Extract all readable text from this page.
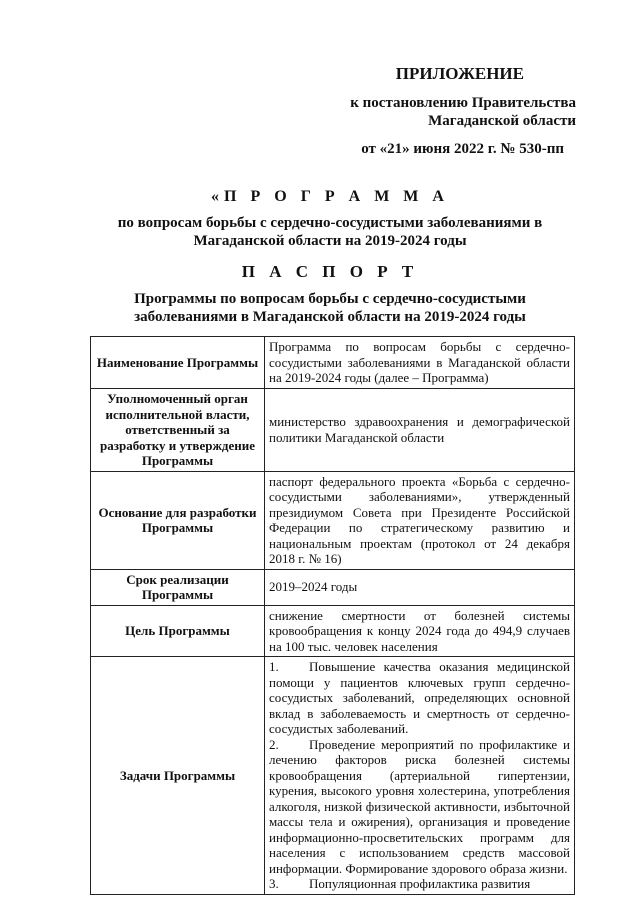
ПРИЛОЖЕНИЕ
к постановлению Правительства
Магаданской области
от «21» июня 2022 г. № 530-пп
«П Р О Г Р А М М А
по вопросам борьбы с сердечно-сосудистыми заболеваниями в
Магаданской области на 2019-2024 годы
П А С П О Р Т
Программы по вопросам борьбы с сердечно-сосудистыми
заболеваниями в Магаданской области на 2019-2024 годы
Наименование Программы	Программа по вопросам борьбы с сердечно-сосудистыми заболеваниями в Магаданской области на 2019-2024 годы (далее – Программа)
Уполномоченный орган исполнительной власти, ответственный за разработку и утверждение Программы	министерство здравоохранения и демографической политики Магаданской области
Основание для разработки Программы	паспорт федерального проекта «Борьба с сердечно-сосудистыми заболеваниями», утвержденный президиумом Совета при Президенте Российской Федерации по стратегическому развитию и национальным проектам (протокол от 24 декабря 2018 г. № 16)
Срок реализации Программы	2019–2024 годы
Цель Программы	снижение смертности от болезней системы кровообращения к концу 2024 года до 494,9 случаев на 100 тыс. человек населения
Задачи Программы	1. Повышение качества оказания медицинской помощи у пациентов ключевых групп сердечно-сосудистых заболеваний, определяющих основной вклад в заболеваемость и смертность от сердечно-сосудистых заболеваний.
2. Проведение мероприятий по профилактике и лечению факторов риска болезней системы кровообращения (артериальной гипертензии, курения, высокого уровня холестерина, употребления алкоголя, низкой физической активности, избыточной массы тела и ожирения), организация и проведение информационно-просветительских программ для населения с использованием средств массовой информации. Формирование здорового образа жизни.
3. Популяционная профилактика развития
